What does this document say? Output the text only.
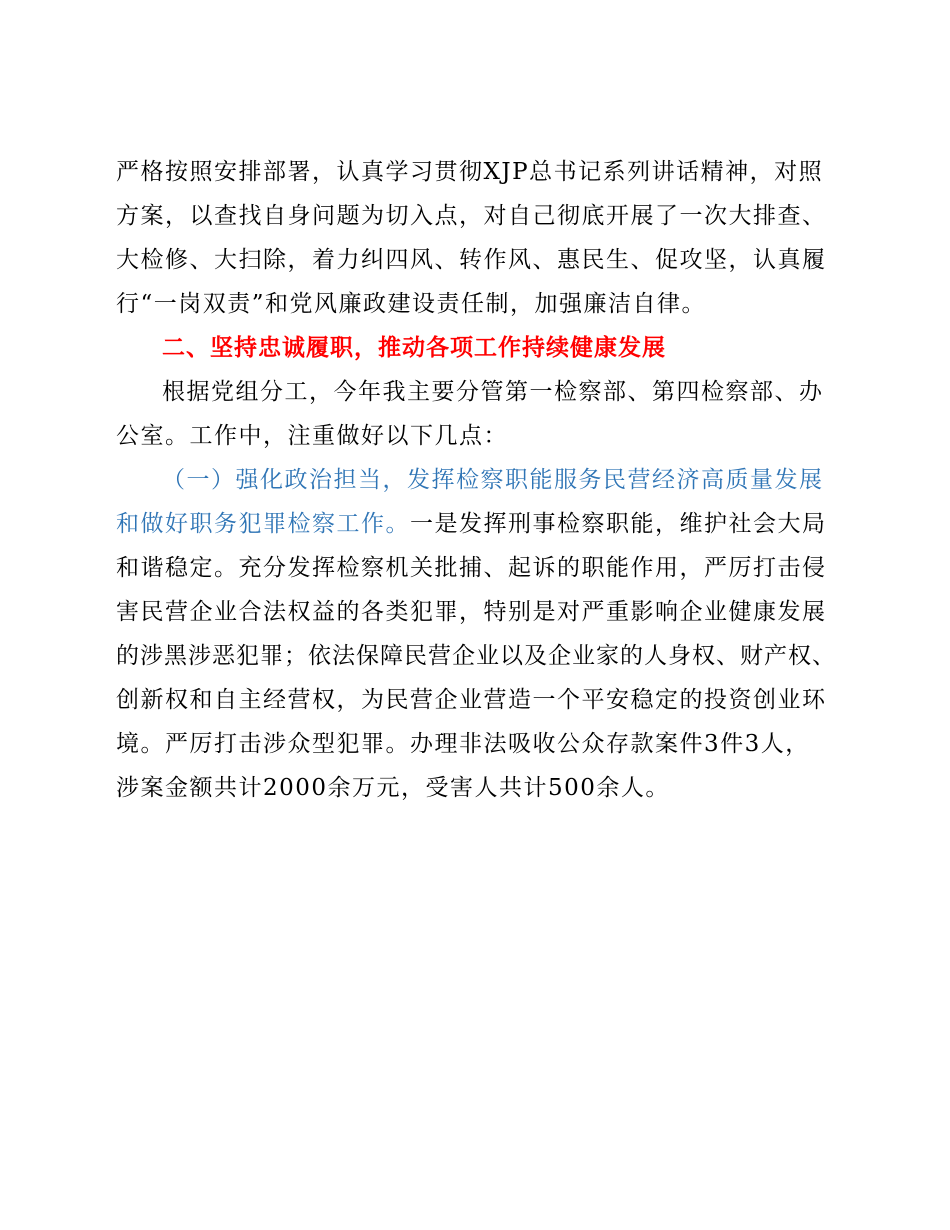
严格按照安排部署，认真学习贯彻XJP总书记系列讲话精神，对照
方案，以查找自身问题为切入点，对自己彻底开展了一次大排查、
大检修、大扫除，着力纠四风、转作风、惠民生、促攻坚，认真履
行“一岗双责”和党风廉政建设责任制，加强廉洁自律。
二、坚持忠诚履职，推动各项工作持续健康发展
根据党组分工，今年我主要分管第一检察部、第四检察部、办
公室。工作中，注重做好以下几点：
（一）强化政治担当，发挥检察职能服务民营经济高质量发展
和做好职务犯罪检察工作。一是发挥刑事检察职能，维护社会大局
和谐稳定。充分发挥检察机关批捕、起诉的职能作用，严厉打击侵
害民营企业合法权益的各类犯罪，特别是对严重影响企业健康发展
的涉黑涉恶犯罪；依法保障民营企业以及企业家的人身权、财产权、
创新权和自主经营权，为民营企业营造一个平安稳定的投资创业环
境。严厉打击涉众型犯罪。办理非法吸收公众存款案件3件3人，
涉案金额共计2000余万元，受害人共计500余人。
